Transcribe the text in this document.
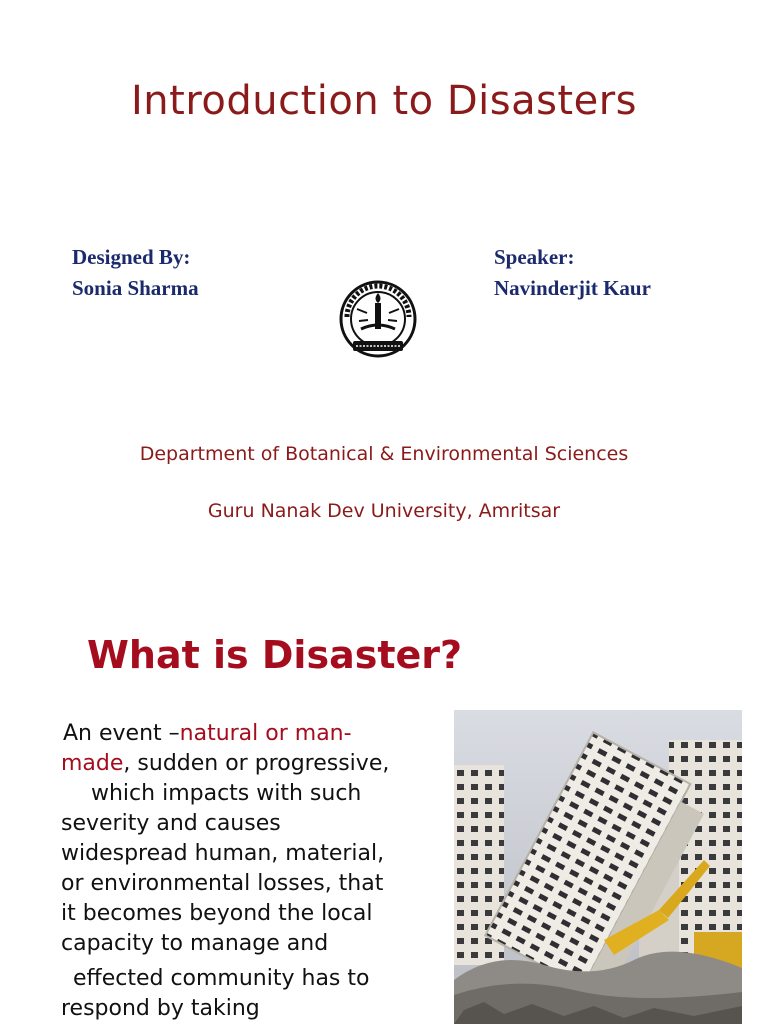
Introduction to Disasters
Designed By:
Sonia Sharma
Speaker:
Navinderjit Kaur
Department of Botanical & Environmental Sciences
Guru Nanak Dev University, Amritsar
What is Disaster?
An event –natural or man-
made, sudden or progressive,
which impacts with such
severity and causes
widespread human, material,
or environmental losses, that
it becomes beyond the local
capacity to manage and
effected community has to
respond by taking
